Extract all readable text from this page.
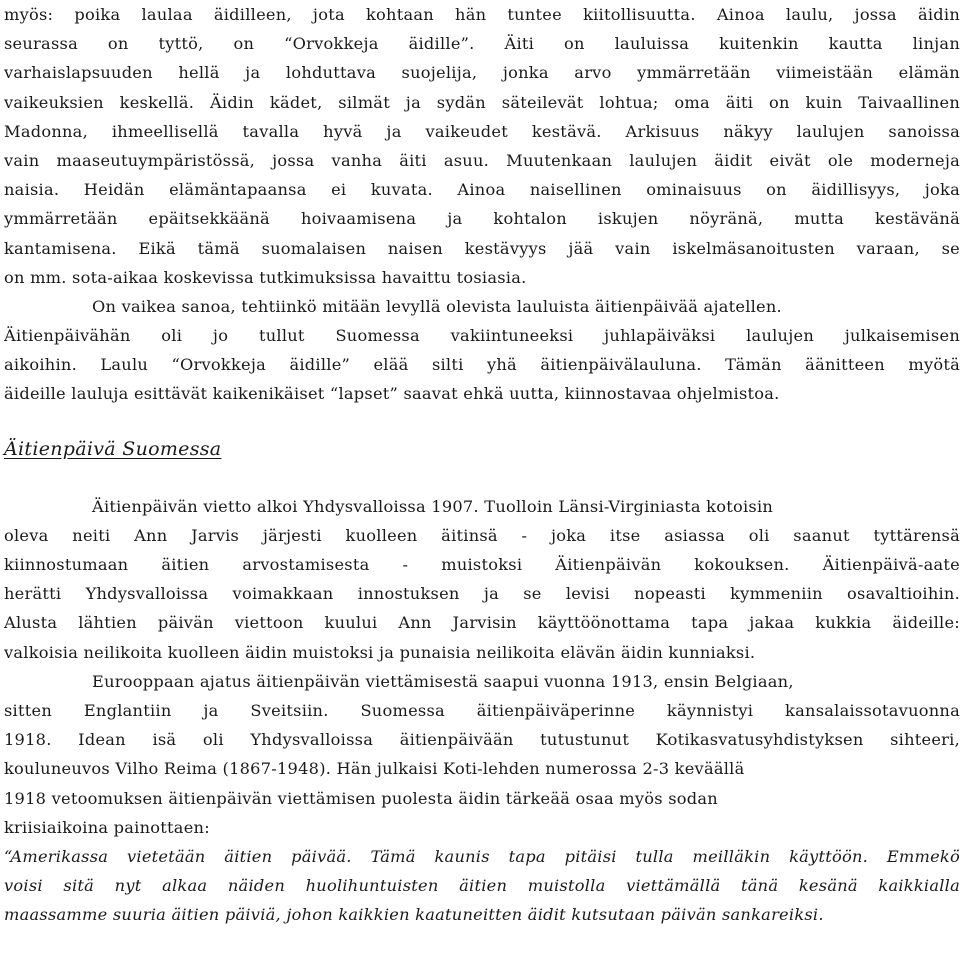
myös: poika laulaa äidilleen, jota kohtaan hän tuntee kiitollisuutta. Ainoa laulu, jossa äidin
seurassa on tyttö, on “Orvokkeja äidille”. Äiti on lauluissa kuitenkin kautta linjan
varhaislapsuuden hellä ja lohduttava suojelija, jonka arvo ymmärretään viimeistään elämän
vaikeuksien keskellä. Äidin kädet, silmät ja sydän säteilevät lohtua; oma äiti on kuin Taivaallinen
Madonna, ihmeellisellä tavalla hyvä ja vaikeudet kestävä. Arkisuus näkyy laulujen sanoissa
vain maaseutuympäristössä, jossa vanha äiti asuu. Muutenkaan laulujen äidit eivät ole moderneja
naisia. Heidän elämäntapaansa ei kuvata. Ainoa naisellinen ominaisuus on äidillisyys, joka
ymmärretään epäitsekkäänä hoivaamisena ja kohtalon iskujen nöyränä, mutta kestävänä
kantamisena. Eikä tämä suomalaisen naisen kestävyys jää vain iskelmäsanoitusten varaan, se
on mm. sota-aikaa koskevissa tutkimuksissa havaittu tosiasia.
On vaikea sanoa, tehtiinkö mitään levyllä olevista lauluista äitienpäivää ajatellen.
Äitienpäivähän oli jo tullut Suomessa vakiintuneeksi juhlapäiväksi laulujen julkaisemisen
aikoihin. Laulu “Orvokkeja äidille” elää silti yhä äitienpäivälauluna. Tämän äänitteen myötä
äideille lauluja esittävät kaikenikäiset “lapset” saavat ehkä uutta, kiinnostavaa ohjelmistoa.
Äitienpäivä Suomessa
Äitienpäivän vietto alkoi Yhdysvalloissa 1907. Tuolloin Länsi-Virginiasta kotoisin
oleva neiti Ann Jarvis järjesti kuolleen äitinsä - joka itse asiassa oli saanut tyttärensä
kiinnostumaan äitien arvostamisesta - muistoksi Äitienpäivän kokouksen. Äitienpäivä-aate
herätti Yhdysvalloissa voimakkaan innostuksen ja se levisi nopeasti kymmeniin osavaltioihin.
Alusta lähtien päivän viettoon kuului Ann Jarvisin käyttöönottama tapa jakaa kukkia äideille:
valkoisia neilikoita kuolleen äidin muistoksi ja punaisia neilikoita elävän äidin kunniaksi.
Eurooppaan ajatus äitienpäivän viettämisestä saapui vuonna 1913, ensin Belgiaan,
sitten Englantiin ja Sveitsiin. Suomessa äitienpäiväperinne käynnistyi kansalaissotavuonna
1918. Idean isä oli Yhdysvalloissa äitienpäivään tutustunut Kotikasvatusyhdistyksen sihteeri,
kouluneuvos Vilho Reima (1867-1948). Hän julkaisi Koti-lehden numerossa 2-3 keväällä
1918 vetoomuksen äitienpäivän viettämisen puolesta äidin tärkeää osaa myös sodan
kriisiaikoina painottaen:
“Amerikassa vietetään äitien päivää. Tämä kaunis tapa pitäisi tulla meilläkin käyttöön. Emmekö
voisi sitä nyt alkaa näiden huolihuntuisten äitien muistolla viettämällä tänä kesänä kaikkialla
maassamme suuria äitien päiviä, johon kaikkien kaatuneitten äidit kutsutaan päivän sankareiksi.
